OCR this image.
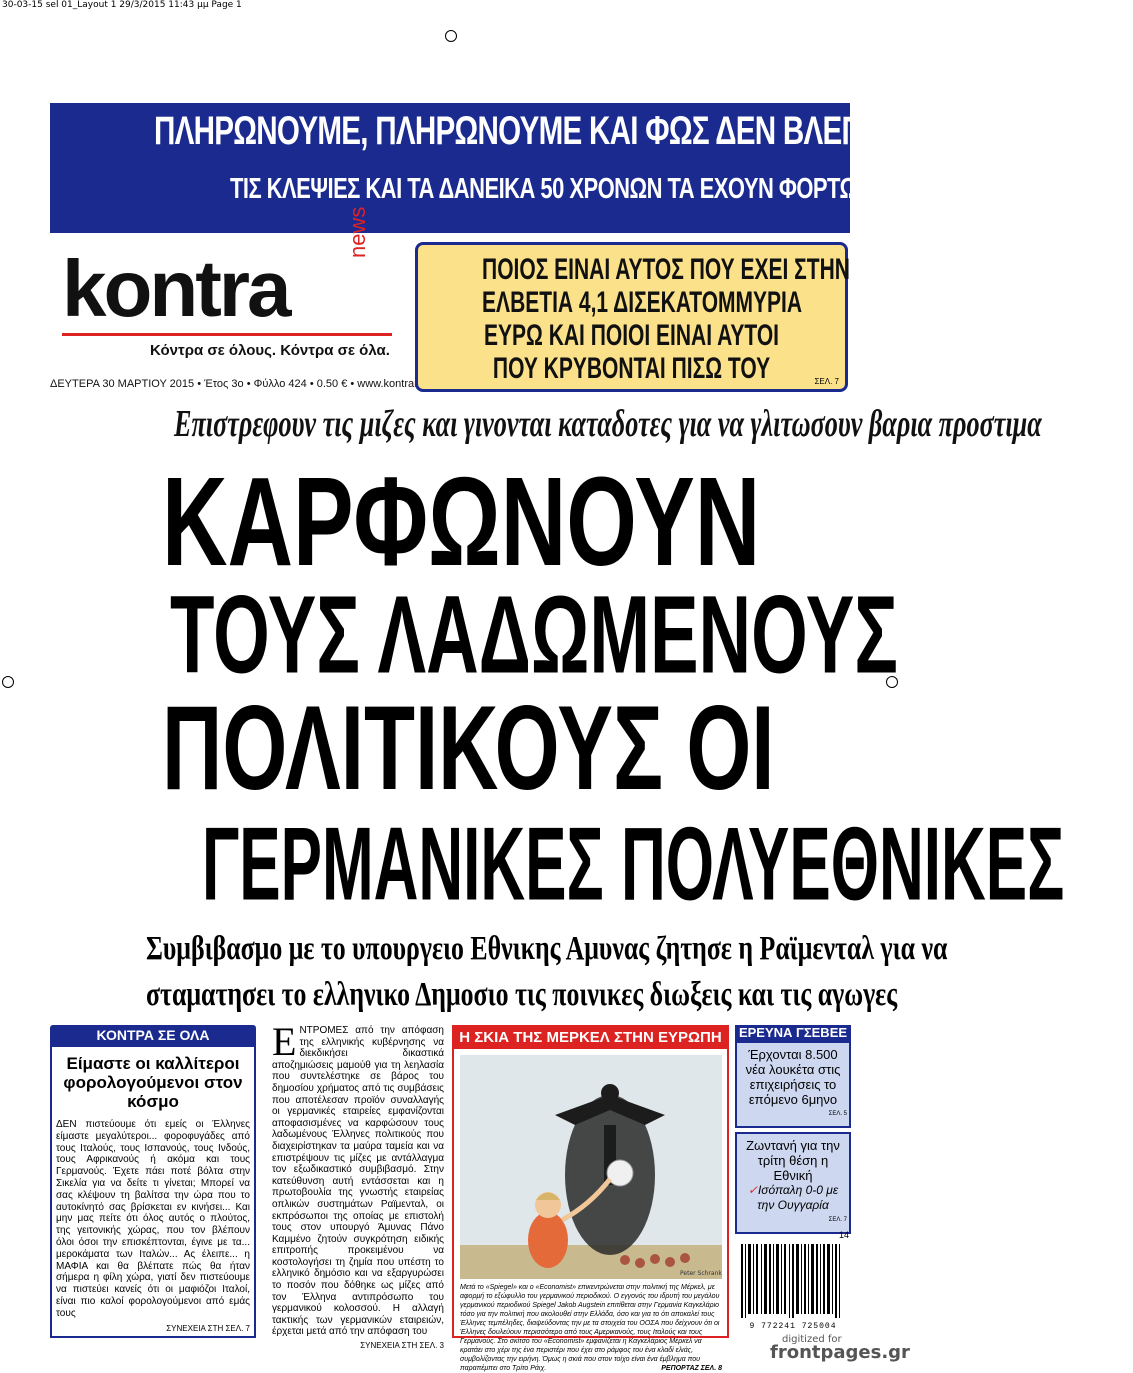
30-03-15 sel 01_Layout 1 29/3/2015 11:43 μμ Page 1
ΠΛΗΡΩΝΟΥΜΕ, ΠΛΗΡΩΝΟΥΜΕ ΚΑΙ ΦΩΣ ΔΕΝ ΒΛΕΠΟΥΜΕ
ΤΙΣ ΚΛΕΨΙΕΣ ΚΑΙ ΤΑ ΔΑΝΕΙΚΑ 50 ΧΡΟΝΩΝ ΤΑ ΕΧΟΥΝ ΦΟΡΤΩΣΕΙ ΝΑ ΤΑ ΛΥΣΕΙ Ο ΑΛΕΞΗΣ
kontra
news
Κόντρα σε όλους. Κόντρα σε όλα.
ΔΕΥΤΕΡΑ 30 ΜΑΡΤΙΟΥ 2015 • Έτος 3ο • Φύλλο 424 • 0.50 € • www.kontra
ΠΟΙΟΣ ΕΙΝΑΙ ΑΥΤΟΣ ΠΟΥ ΕΧΕΙ ΣΤΗΝ
ΕΛΒΕΤΙΑ 4,1 ΔΙΣΕΚΑΤΟΜΜΥΡΙΑ
ΕΥΡΩ ΚΑΙ ΠΟΙΟΙ ΕΙΝΑΙ ΑΥΤΟΙ
ΠΟΥ ΚΡΥΒΟΝΤΑΙ ΠΙΣΩ ΤΟΥ	ΣΕΛ. 7
Επιστρεφουν τις μιζες και γινονται καταδοτες για να γλιτωσουν βαρια προστιμα
ΚΑΡΦΩΝΟΥΝ
ΤΟΥΣ ΛΑΔΩΜΕΝΟΥΣ
ΠΟΛΙΤΙΚΟΥΣ ΟΙ
ΓΕΡΜΑΝΙΚΕΣ ΠΟΛΥΕΘΝΙΚΕΣ
Συμβιβασμο με το υπουργειο Εθνικης Αμυνας ζητησε η Ραϊμενταλ για να
σταματησει το ελληνικο Δημοσιο τις ποινικες διωξεις και τις αγωγες
ΚΟΝΤΡΑ ΣΕ ΟΛΑ
Είμαστε οι καλλίτεροι φορολογούμενοι στον κόσμο
ΔΕΝ πιστεύουμε ότι εμείς οι Έλληνες είμαστε μεγαλύτεροι... φοροφυγάδες από τους Ιταλούς, τους Ισπανούς, τους Ινδούς, τους Αφρικανούς ή ακόμα και τους Γερμανούς. Έχετε πάει ποτέ βόλτα στην Σικελία για να δείτε τι γίνεται; Μπορεί να σας κλέψουν τη βαλίτσα την ώρα που το αυτοκίνητό σας βρίσκεται εν κινήσει... Και μην μας πείτε ότι όλος αυτός ο πλούτος, της γειτονικής χώρας, που τον βλέπουν όλοι όσοι την επισκέπτονται, έγινε με τα... μεροκάματα των Ιταλών... Ας έλειπε... η ΜΑΦΙΑ και θα βλέπατε πώς θα ήταν σήμερα η φίλη χώρα, γιατί δεν πιστεύουμε να πιστεύει κανείς ότι οι μαφιόζοι Ιταλοί, είναι πιο καλοί φορολογούμενοι από εμάς τους
ΣΥΝΕΧΕΙΑ ΣΤΗ ΣΕΛ. 7
ΕΝΤΡΟΜΕΣ από την απόφαση της ελληνικής κυβέρνησης να διεκδικήσει δικαστικά αποζημιώσεις μαμούθ για τη λεηλασία που συντελέστηκε σε βάρος του δημοσίου χρήματος από τις συμβάσεις που αποτέλεσαν προϊόν συναλλαγής οι γερμανικές εταιρείες εμφανίζονται αποφασισμένες να καρφώσουν τους λαδωμένους Έλληνες πολιτικούς που διαχειρίστηκαν τα μαύρα ταμεία και να επιστρέψουν τις μίζες με αντάλλαγμα τον εξωδικαστικό συμβιβασμό. Στην κατεύθυνση αυτή εντάσσεται και η πρωτοβουλία της γνωστής εταιρείας οπλικών συστημάτων Ραϊμενταλ, οι εκπρόσωποι της οποίας με επιστολή τους στον υπουργό Άμυνας Πάνο Καμμένο ζητούν συγκρότηση ειδικής επιτροπής προκειμένου να κοστολογήσει τη ζημία που υπέστη το ελληνικό δημόσιο και να εξαργυρώσει το ποσόν που δόθηκε ως μίζες από τον Έλληνα αντιπρόσωπο του γερμανικού κολοσσού. Η αλλαγή τακτικής των γερμανικών εταιρειών, έρχεται μετά από την απόφαση του
ΣΥΝΕΧΕΙΑ ΣΤΗ ΣΕΛ. 3
Η ΣΚΙΑ ΤΗΣ ΜΕΡΚΕΛ ΣΤΗΝ ΕΥΡΩΠΗ
Peter Schrank
Μετά το «Spiegel» και ο «Economist» επικεντρώνεται στην πολιτική της Μέρκελ, με αφορμή το εξώφυλλο του γερμανικού περιοδικού. Ο εγγονός του ιδρυτή του μεγάλου γερμανικού περιοδικού Spiegel Jakob Augstein επιτίθεται στην Γερμανία Καγκελάριο τόσο για την πολιτική που ακολουθεί στην Ελλάδα, όσο και για το ότι αποκαλεί τους Έλληνες τεμπέληδες, διαψεύδοντας την με τα στοιχεία του ΟΟΣΑ που δείχνουν ότι οι Έλληνες δουλεύουν περισσότερο από τους Αμερικανούς, τους Ιταλούς και τους Γερμανούς. Στο σκίτσο του «Economist» εμφανίζεται η Καγκελάριος Μέρκελ να κρατάει στο χέρι της ένα περιστέρι που έχει στο ράμφος του ένα κλαδί ελιάς, συμβολίζοντας την ειρήνη. Όμως η σκιά που στον τοίχο είναι ένα έμβλημα που παραπέμπει στο Τρίτο Ράιχ.	ΡΕΠΟΡΤΑΖ ΣΕΛ. 8
ΕΡΕΥΝΑ ΓΣΕΒΕΕ
Έρχονται 8.500 νέα λουκέτα στις επιχειρήσεις το επόμενο 6μηνο
ΣΕΛ. 5
Ζωντανή για την τρίτη θέση η Εθνική
✓Ισόπαλη 0-0 με την Ουγγαρία
ΣΕΛ. 7
9 772241 725004
14
digitized for
frontpages.gr
